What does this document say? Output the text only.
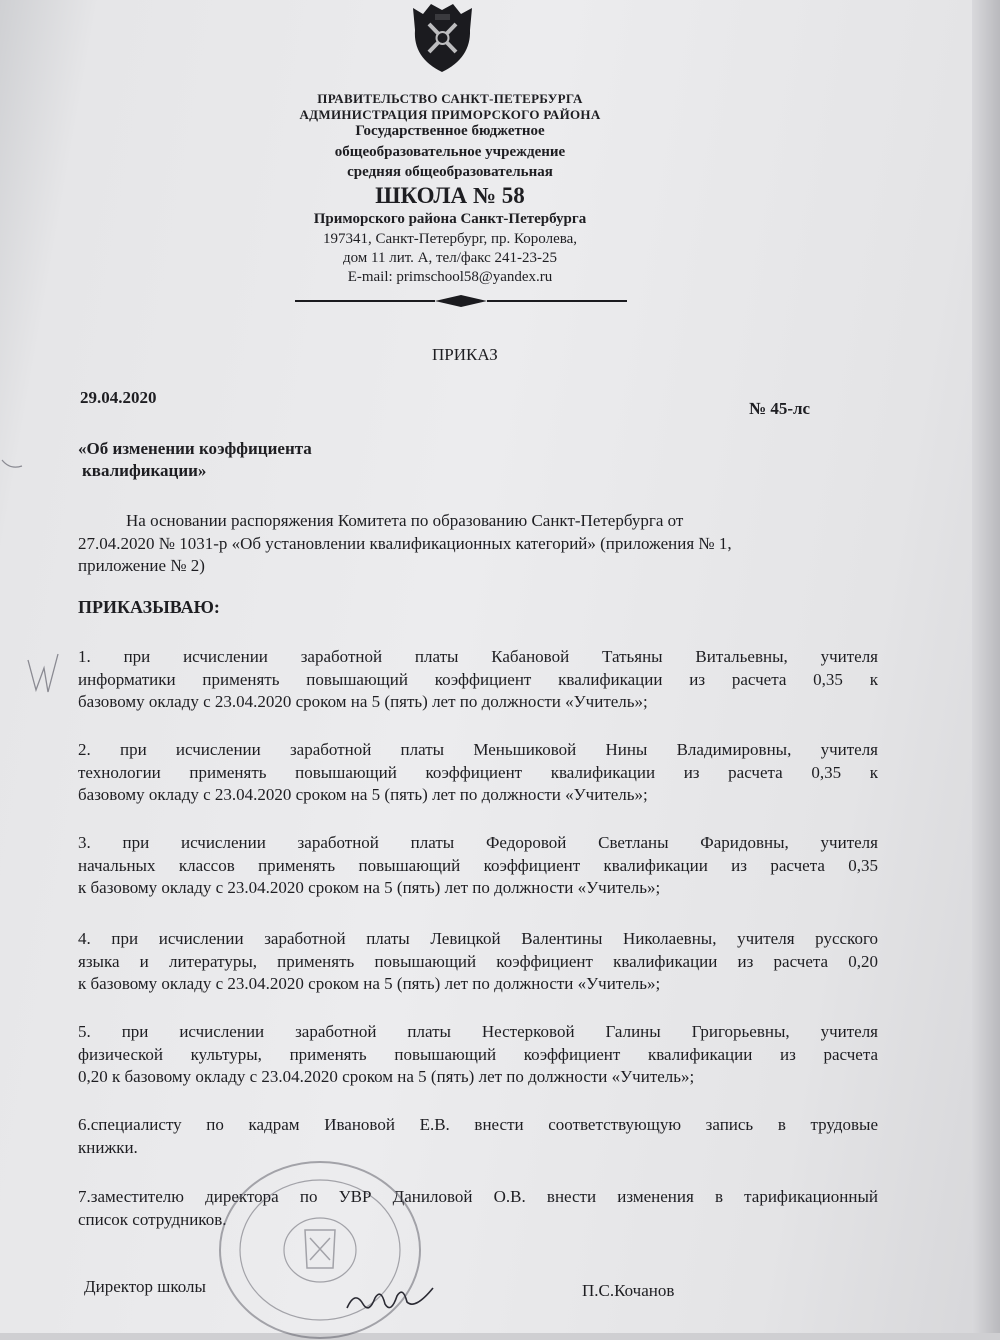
ПРАВИТЕЛЬСТВО САНКТ-ПЕТЕРБУРГА
АДМИНИСТРАЦИЯ ПРИМОРСКОГО РАЙОНА
Государственное бюджетное
общеобразовательное учреждение
средняя общеобразовательная
ШКОЛА № 58
Приморского района Санкт-Петербурга
197341, Санкт-Петербург, пр. Королева,
дом 11 лит. А, тел/факс 241-23-25
E-mail: primschool58@yandex.ru
ПРИКАЗ
29.04.2020
№ 45-лс
«Об изменении коэффициента
квалификации»
На основании распоряжения Комитета по образованию Санкт-Петербурга от
27.04.2020 № 1031-р «Об установлении квалификационных категорий» (приложения № 1,
приложение № 2)
ПРИКАЗЫВАЮ:
1. при исчислении заработной платы Кабановой Татьяны Витальевны, учителя
информатики применять повышающий коэффициент квалификации из расчета 0,35 к
базовому окладу с 23.04.2020 сроком на 5 (пять) лет по должности «Учитель»;
2. при исчислении заработной платы Меньшиковой Нины Владимировны, учителя
технологии применять повышающий коэффициент квалификации из расчета 0,35 к
базовому окладу с 23.04.2020 сроком на 5 (пять) лет по должности «Учитель»;
3. при исчислении заработной платы Федоровой Светланы Фаридовны, учителя
начальных классов применять повышающий коэффициент квалификации из расчета 0,35
к базовому окладу с 23.04.2020 сроком на 5 (пять) лет по должности «Учитель»;
4. при исчислении заработной платы Левицкой Валентины Николаевны, учителя русского
языка и литературы, применять повышающий коэффициент квалификации из расчета 0,20
к базовому окладу с 23.04.2020 сроком на 5 (пять) лет по должности «Учитель»;
5. при исчислении заработной платы Нестерковой Галины Григорьевны, учителя
физической культуры, применять повышающий коэффициент квалификации из расчета
0,20 к базовому окладу с 23.04.2020 сроком на 5 (пять) лет по должности «Учитель»;
6.специалисту по кадрам Ивановой Е.В. внести соответствующую запись в трудовые
книжки.
7.заместителю директора по УВР Даниловой О.В. внести изменения в тарификационный
список сотрудников.
Директор школы	П.С.Кочанов
